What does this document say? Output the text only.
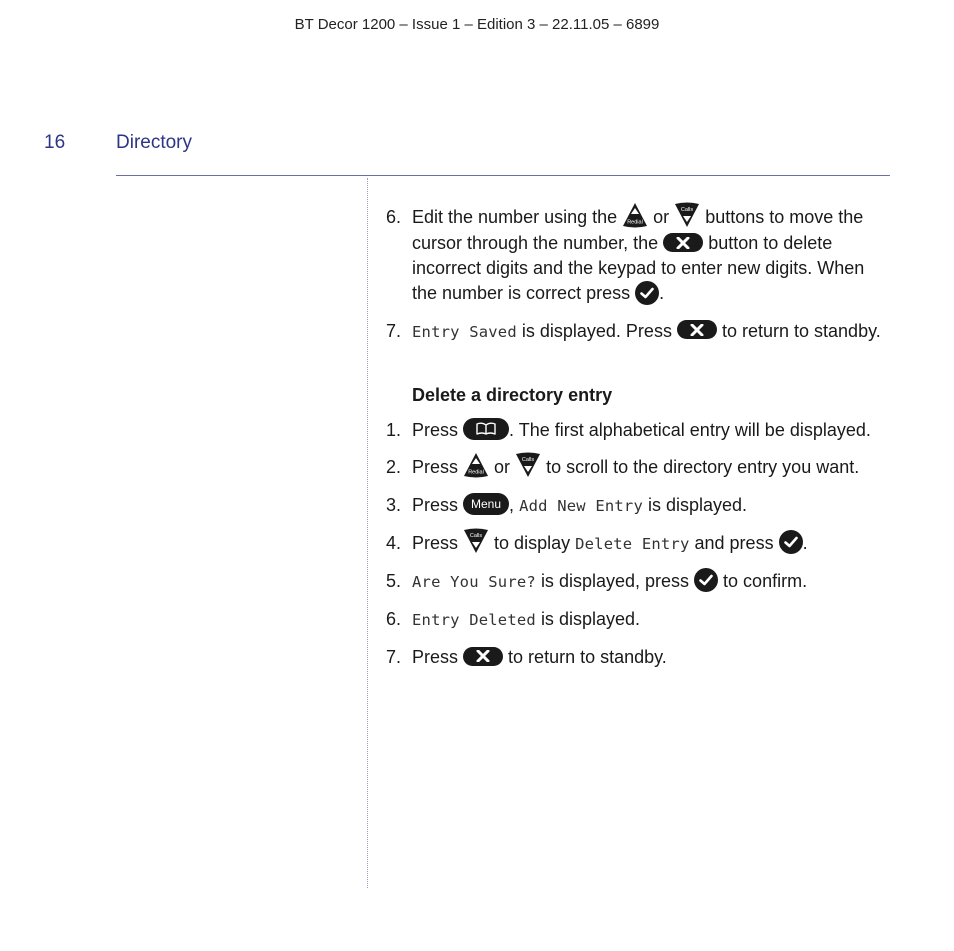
BT Decor 1200 – Issue 1 – Edition 3 – 22.11.05 – 6899
16	Directory
6. Edit the number using the Redial or Calls buttons to move the cursor through the number, the	button to delete incorrect digits and the keypad to enter new digits. When the number is correct press .
7. Entry Saved is displayed. Press	to return to standby.
Delete a directory entry
1. Press	. The first alphabetical entry will be displayed.
2. Press Redial or Calls to scroll to the directory entry you want.
3. Press Menu , Add New Entry is displayed.
4. Press Calls to display Delete Entry and press .
5. Are You Sure? is displayed, press to confirm.
6. Entry Deleted is displayed.
7. Press	to return to standby.
